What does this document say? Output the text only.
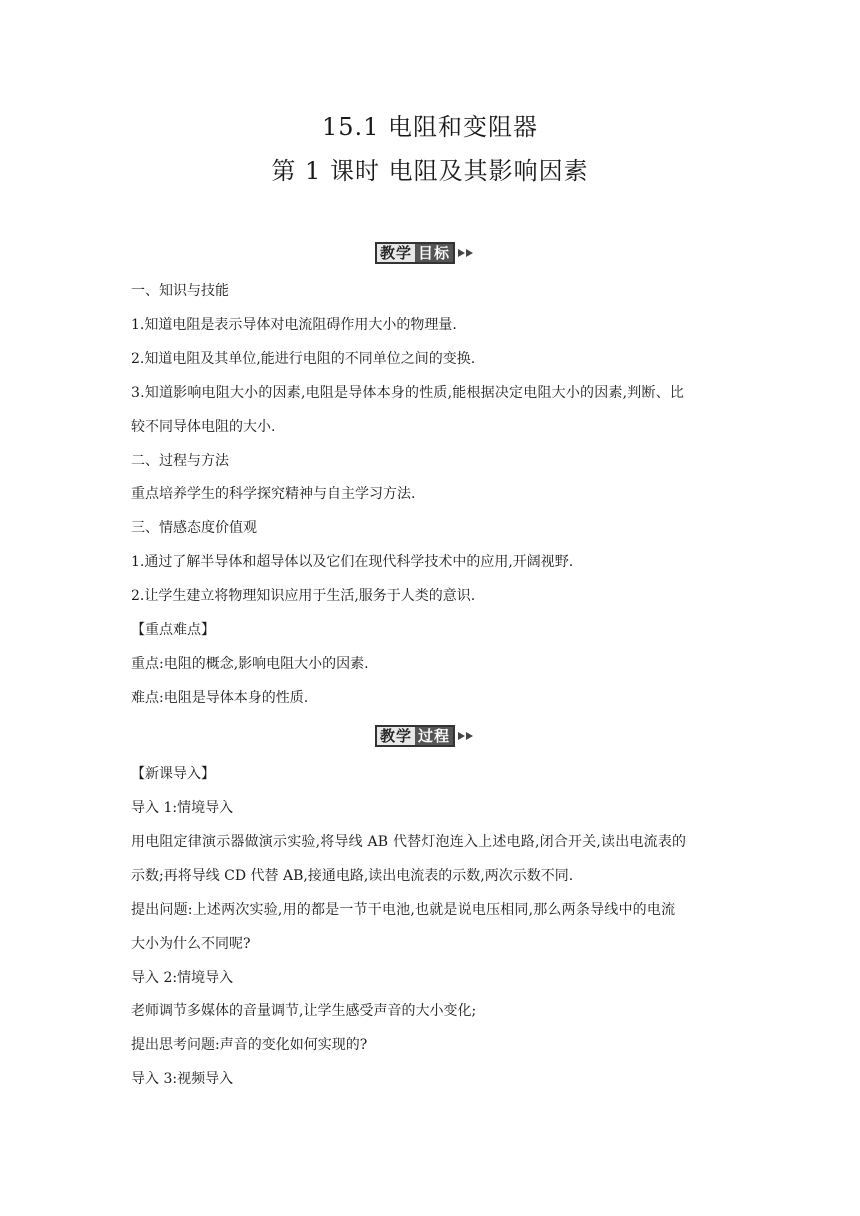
15.1 电阻和变阻器
第 1 课时 电阻及其影响因素
教学 目标
一、知识与技能
1.知道电阻是表示导体对电流阻碍作用大小的物理量.
2.知道电阻及其单位,能进行电阻的不同单位之间的变换.
3.知道影响电阻大小的因素,电阻是导体本身的性质,能根据决定电阻大小的因素,判断、比
较不同导体电阻的大小.
二、过程与方法
重点培养学生的科学探究精神与自主学习方法.
三、情感态度价值观
1.通过了解半导体和超导体以及它们在现代科学技术中的应用,开阔视野.
2.让学生建立将物理知识应用于生活,服务于人类的意识.
【重点难点】
重点:电阻的概念,影响电阻大小的因素.
难点:电阻是导体本身的性质.
教学 过程
【新课导入】
导入 1:情境导入
用电阻定律演示器做演示实验,将导线 AB 代替灯泡连入上述电路,闭合开关,读出电流表的
示数;再将导线 CD 代替 AB,接通电路,读出电流表的示数,两次示数不同.
提出问题:上述两次实验,用的都是一节干电池,也就是说电压相同,那么两条导线中的电流
大小为什么不同呢?
导入 2:情境导入
老师调节多媒体的音量调节,让学生感受声音的大小变化;
提出思考问题:声音的变化如何实现的?
导入 3:视频导入
